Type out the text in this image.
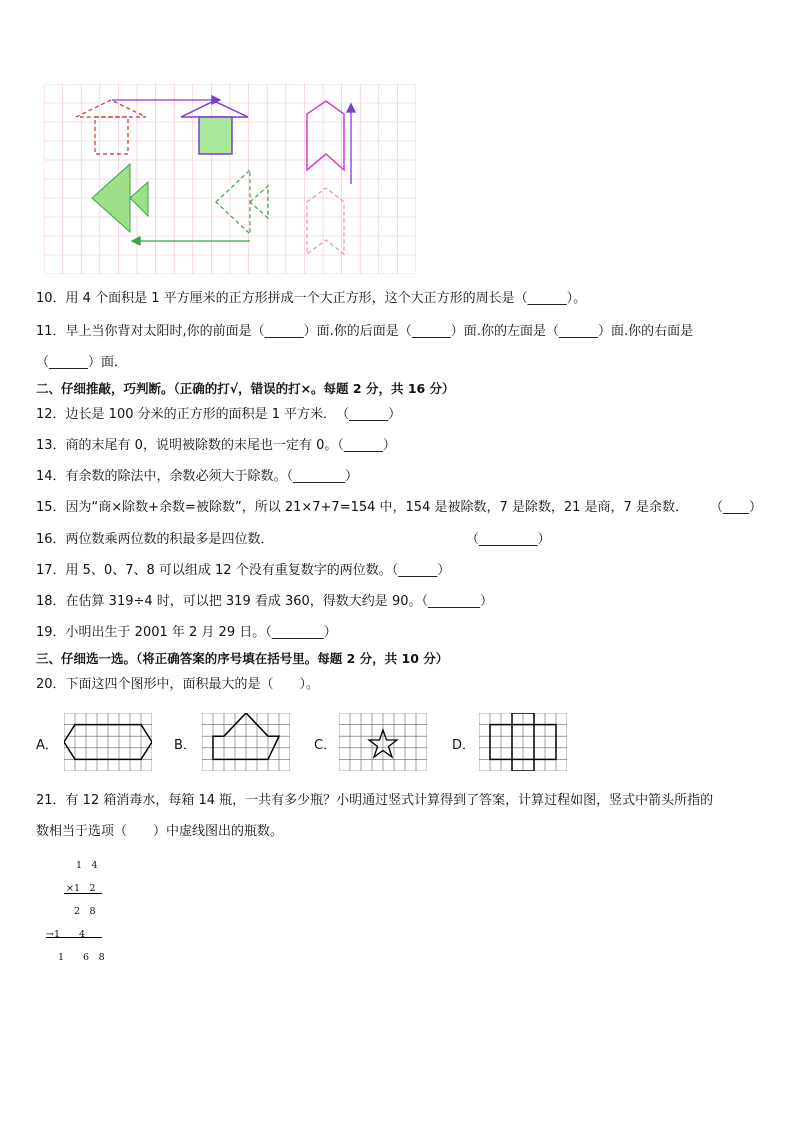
10．用 4 个面积是 1 平方厘米的正方形拼成一个大正方形，这个大正方形的周长是（______）。
11．早上当你背对太阳时,你的前面是（______）面.你的后面是（______）面.你的左面是（______）面.你的右面是
（______）面．
二、仔细推敲，巧判断。（正确的打√，错误的打×。每题 2 分，共 16 分）
12．边长是 100 分米的正方形的面积是 1 平方米．　（______）
13．商的末尾有 0，说明被除数的末尾也一定有 0。（______）
14．有余数的除法中，余数必须大于除数。（________）
15．因为“商×除数+余数=被除数”，所以 21×7+7=154 中，154 是被除数，7 是除数，21 是商，7 是余数． （____）
16．两位数乘两位数的积最多是四位数．	（_________）
17．用 5、0、7、8 可以组成 12 个没有重复数字的两位数。（______）
18．在估算 319÷4 时，可以把 319 看成 360，得数大约是 90。（________）
19．小明出生于 2001 年 2 月 29 日。（________）
三、仔细选一选。（将正确答案的序号填在括号里。每题 2 分，共 10 分）
20．下面这四个图形中，面积最大的是（　　）。
A．	B．	C．	D．
21．有 12 箱消毒水，每箱 14 瓶，一共有多少瓶？小明通过竖式计算得到了答案，计算过程如图，竖式中箭头所指的
数相当于选项（　　）中虚线图出的瓶数。
1　4
×1　2
2　8
→1　　4
1　　6　8
